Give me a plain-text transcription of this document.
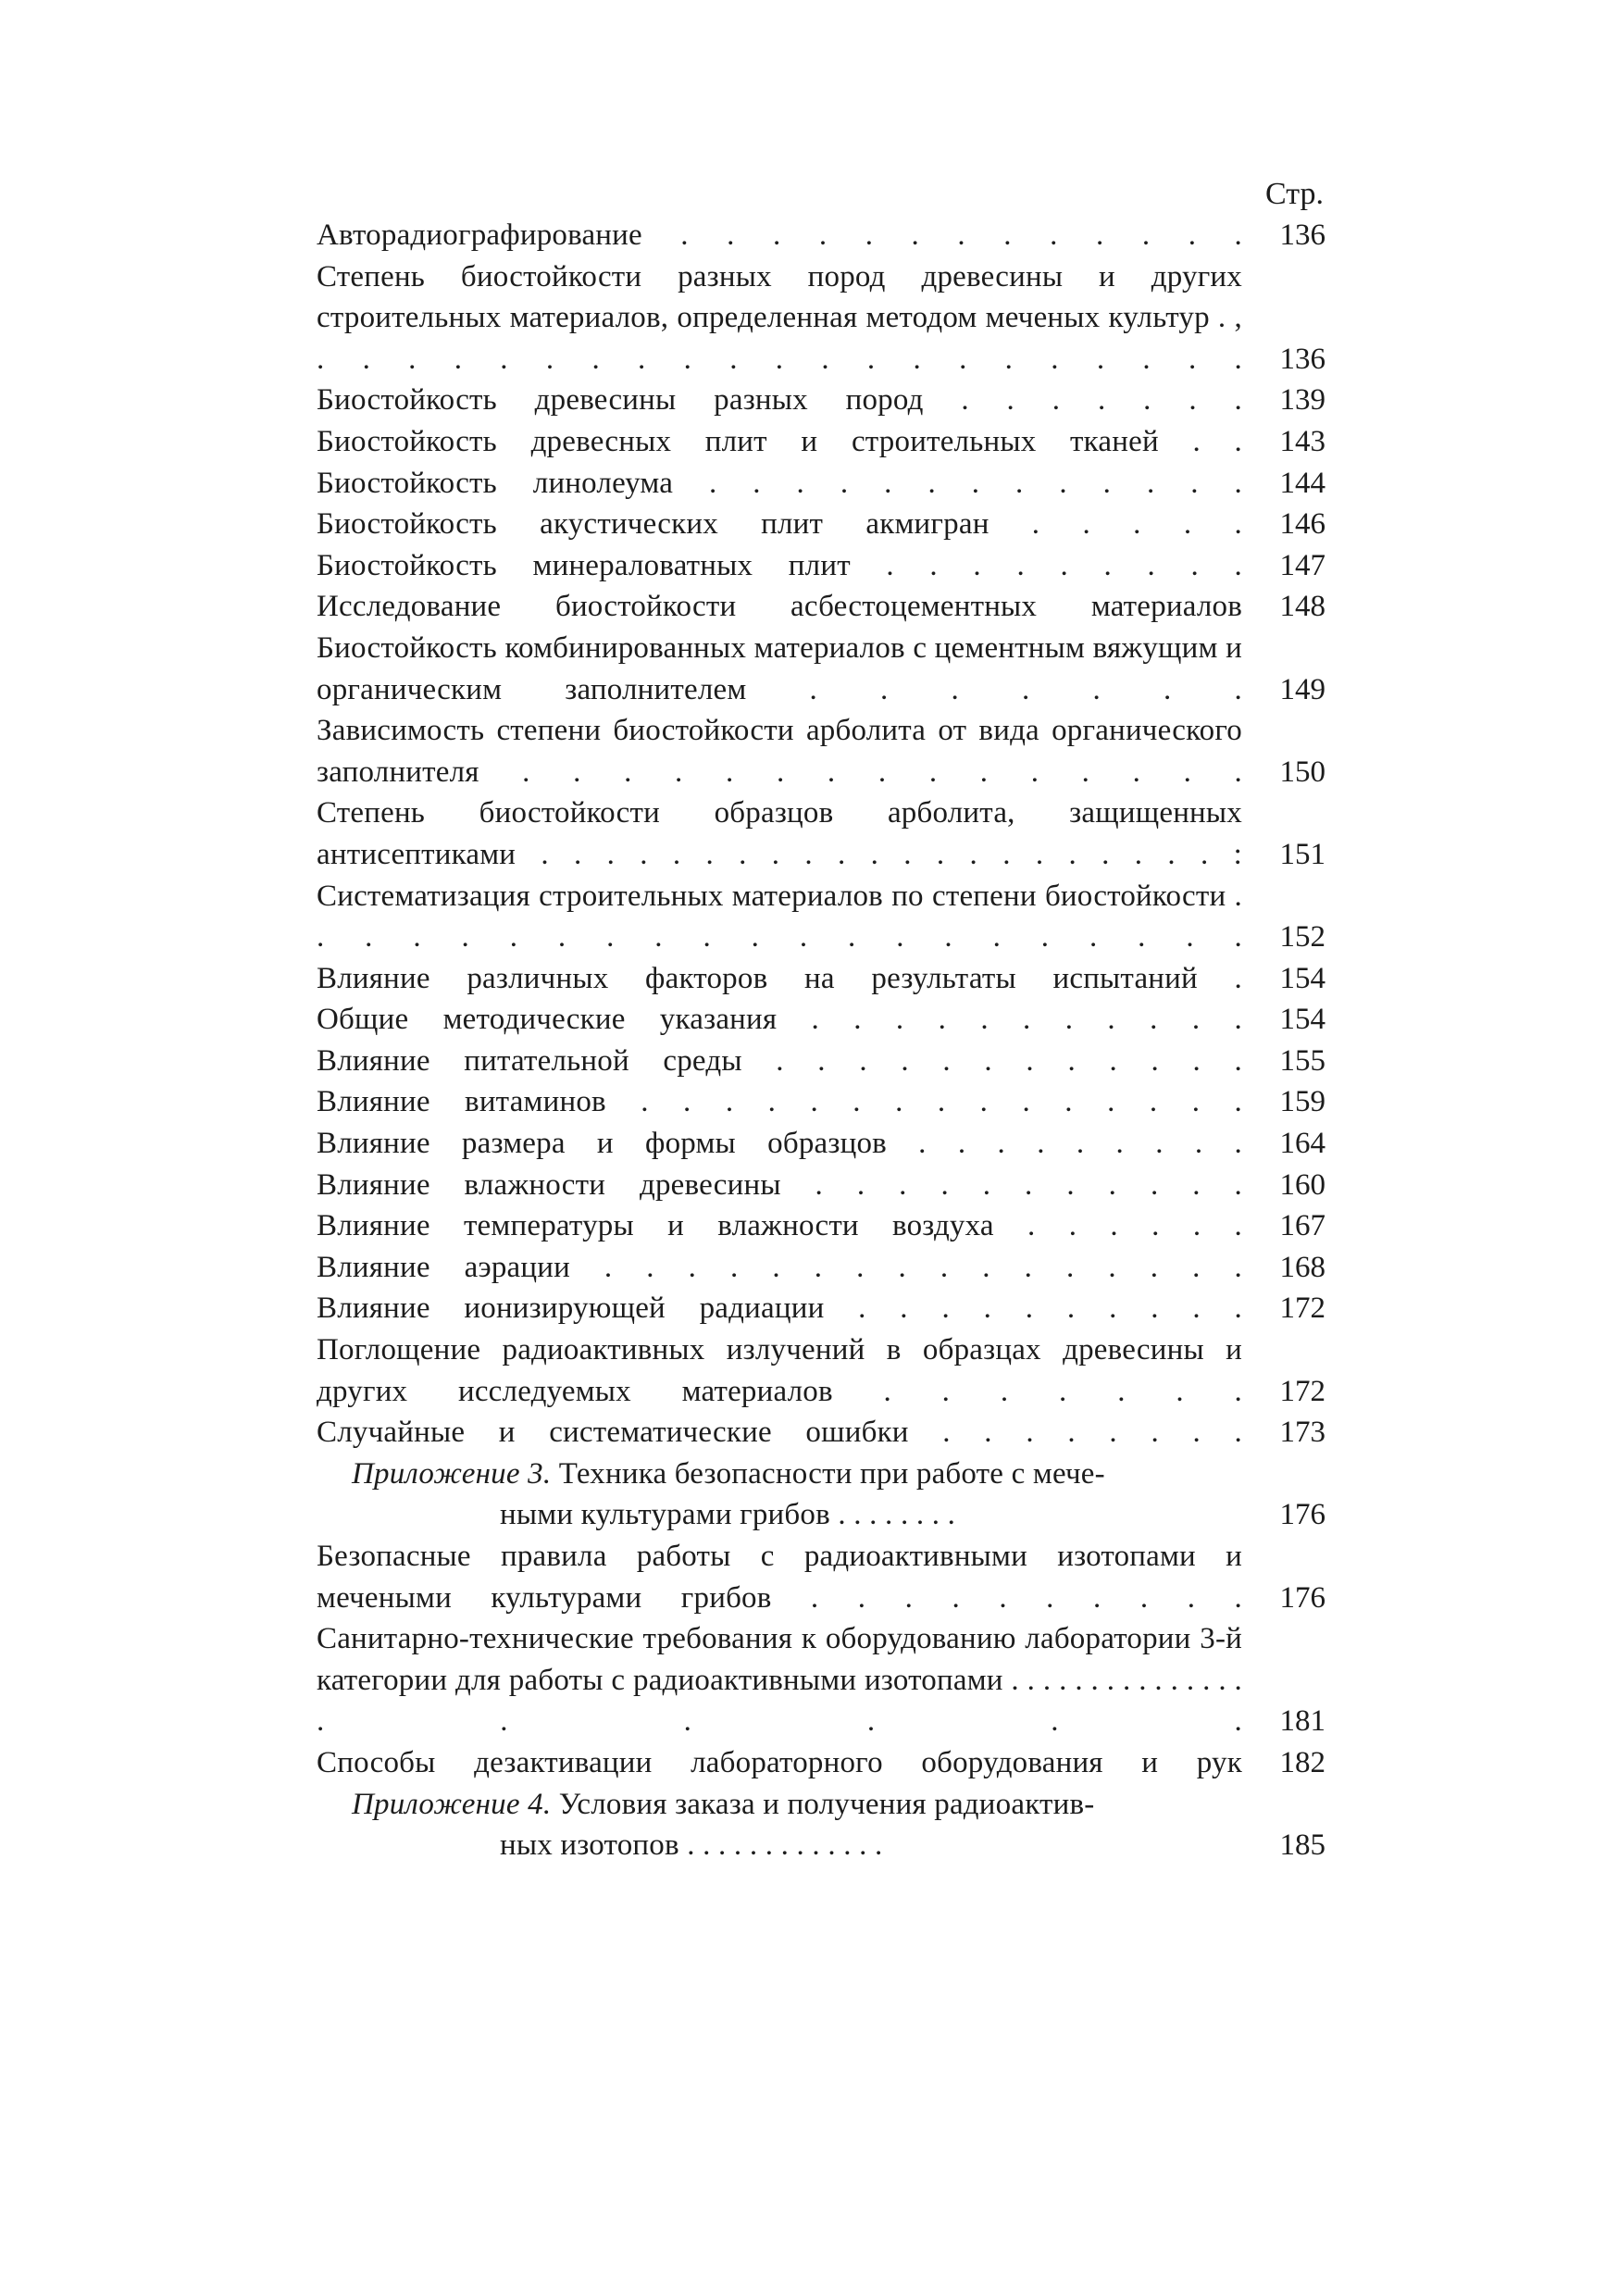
Стр.
Авторадиографирование . . . . . . . . . . . . .	136
Степень биостойкости разных пород древесины и других строительных материалов, определенная методом меченых культур . , . . . . . . . . . . . . . . . . . . . . .	136
Биостойкость древесины разных пород . . . . . . .	139
Биостойкость древесных плит и строительных тканей . .	143
Биостойкость линолеума . . . . . . . . . . . . .	144
Биостойкость акустических плит акмигран . . . . .	146
Биостойкость минераловатных плит . . . . . . . . .	147
Исследование биостойкости асбестоцементных материалов	148
Биостойкость комбинированных материалов с цементным вяжущим и органическим заполнителем . . . . . . .	149
Зависимость степени биостойкости арболита от вида органического заполнителя . . . . . . . . . . . . . . .	150
Степень биостойкости образцов арболита, защищенных антисептиками . . . . . . . . . . . . . . . . . . . . . :	151
Систематизация строительных материалов по степени биостойкости . . . . . . . . . . . . . . . . . . . . .	152
Влияние различных факторов на результаты испытаний .	154
Общие методические указания . . . . . . . . . . .	154
Влияние питательной среды . . . . . . . . . . . .	155
Влияние витаминов . . . . . . . . . . . . . . .	159
Влияние размера и формы образцов . . . . . . . . .	164
Влияние влажности древесины . . . . . . . . . . .	160
Влияние температуры и влажности воздуха . . . . . .	167
Влияние аэрации . . . . . . . . . . . . . . . .	168
Влияние ионизирующей радиации . . . . . . . . . .	172
Поглощение радиоактивных излучений в образцах древесины и других исследуемых материалов . . . . . . .	172
Случайные и систематические ошибки . . . . . . . .	173
Приложение 3. Техника безопасности при работе с мече-
ными культурами грибов . . . . . . . .	176
Безопасные правила работы с радиоактивными изотопами и мечеными культурами грибов . . . . . . . . . .	176
Санитарно-технические требования к оборудованию лаборатории 3-й категории для работы с радиоактивными изотопами . . . . . . . . . . . . . . . . . . . . .	181
Способы дезактивации лабораторного оборудования и рук	182
Приложение 4. Условия заказа и получения радиоактив-
ных изотопов . . . . . . . . . . . . .	185
